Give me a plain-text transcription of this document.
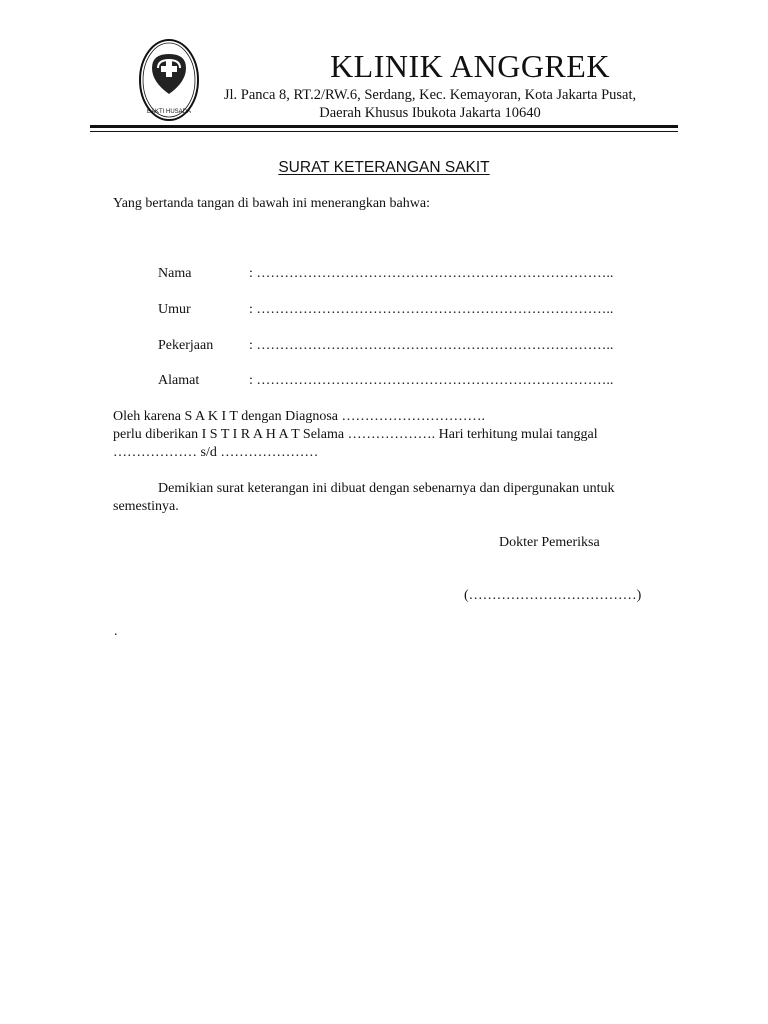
BAKTI HUSADA
KLINIK ANGGREK
Jl. Panca 8, RT.2/RW.6, Serdang, Kec. Kemayoran, Kota Jakarta Pusat,
Daerah Khusus Ibukota Jakarta 10640
SURAT KETERANGAN SAKIT
Yang bertanda tangan di bawah ini menerangkan bahwa:
Nama	: …………………………………………………………………..
Umur	: …………………………………………………………………..
Pekerjaan	: …………………………………………………………………..
Alamat	: …………………………………………………………………..
Oleh karena S A K I T dengan Diagnosa ………………………….
perlu diberikan I S T I R A H A T Selama ………………. Hari terhitung mulai tanggal
……………… s/d …………………
Demikian surat keterangan ini dibuat dengan sebenarnya dan dipergunakan untuk semestinya.
Dokter Pemeriksa
(………………………………)
.
